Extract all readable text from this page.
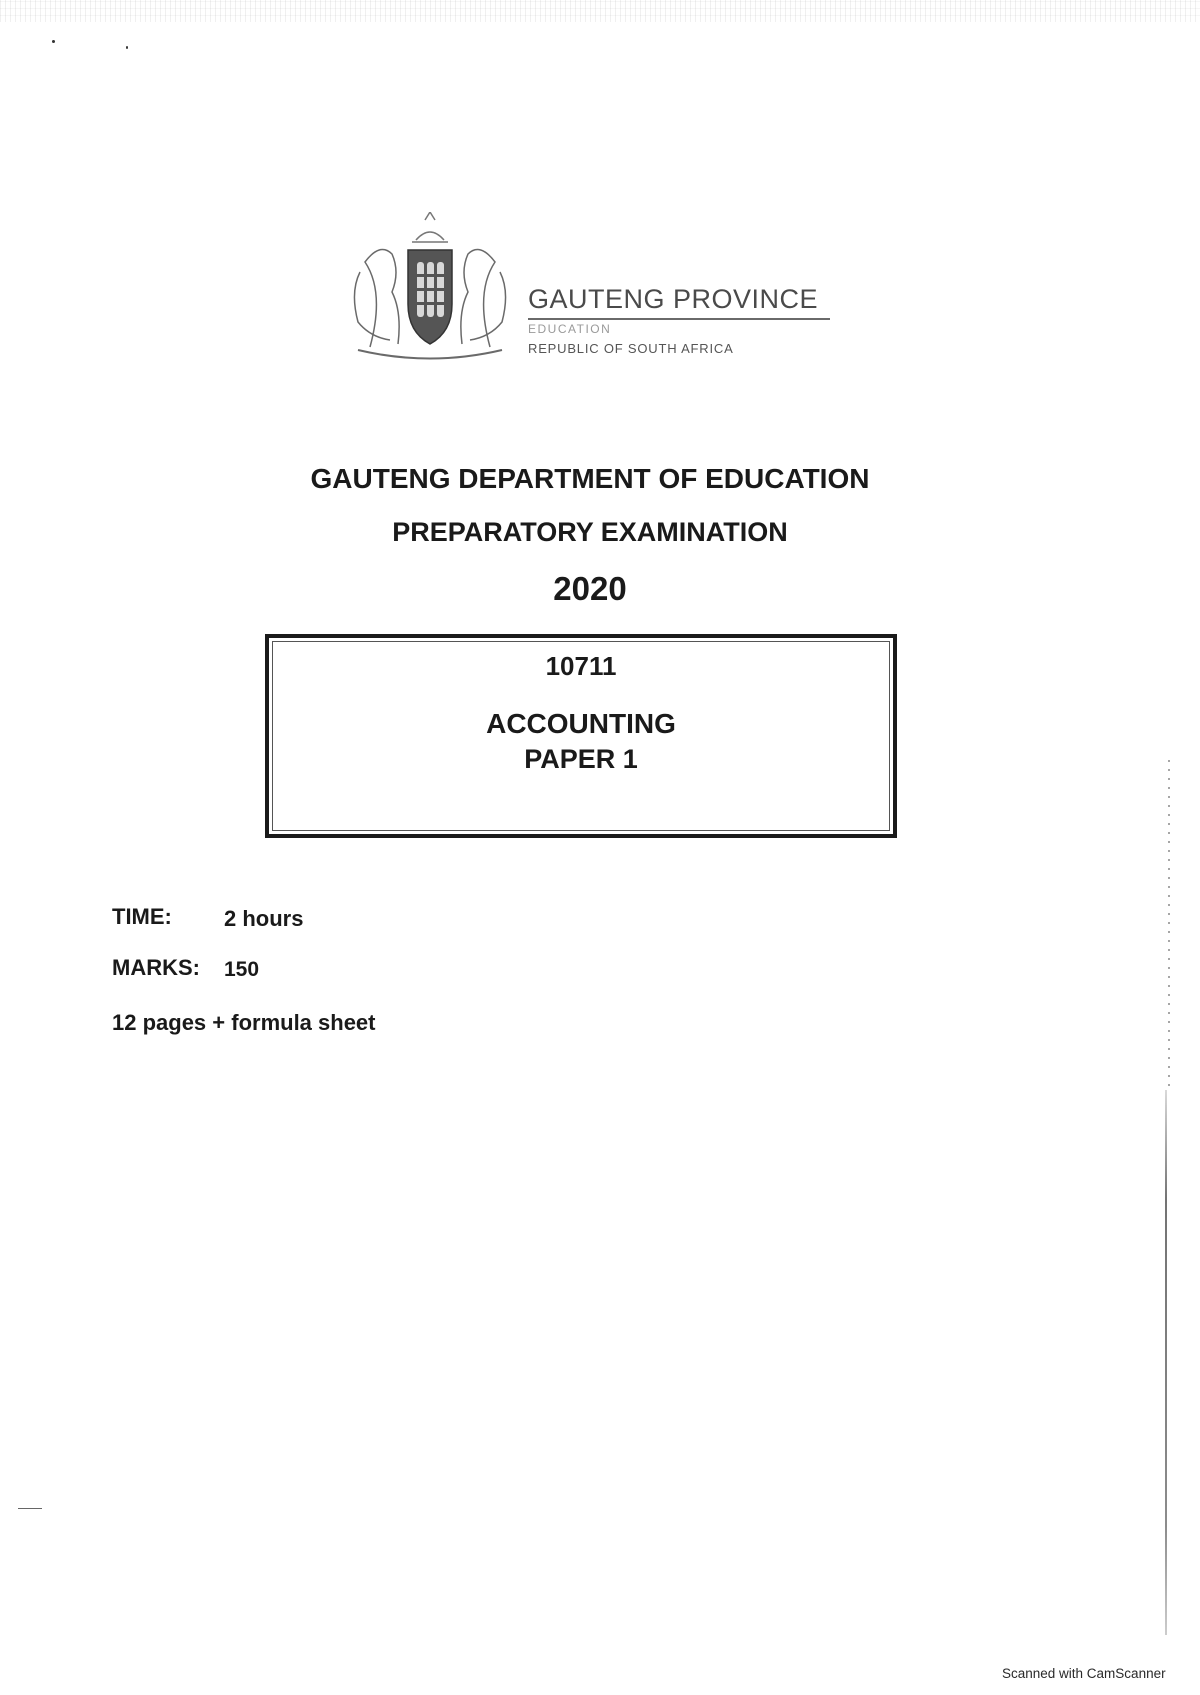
GAUTENG PROVINCE
EDUCATION
REPUBLIC OF SOUTH AFRICA
GAUTENG DEPARTMENT OF EDUCATION
PREPARATORY EXAMINATION
2020
10711
ACCOUNTING
PAPER 1
TIME: 2 hours
MARKS: 150
12 pages + formula sheet
Scanned with CamScanner
